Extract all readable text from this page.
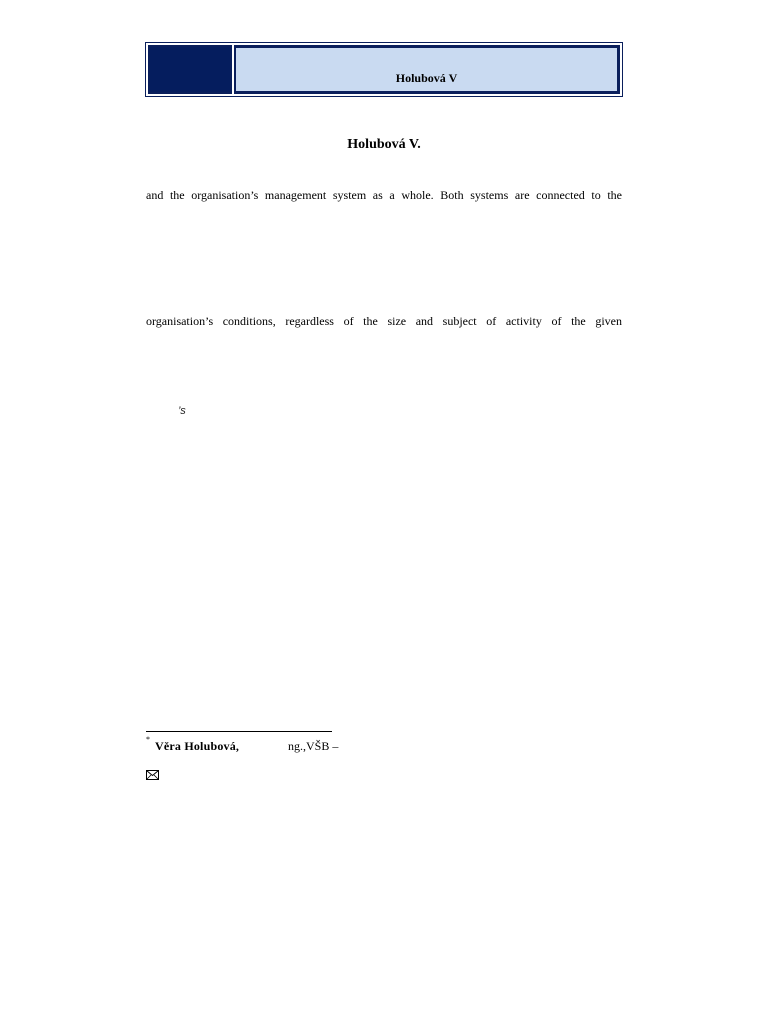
Holubová V
Holubová V.
and the organisation’s management system as a whole. Both systems are connected to the
organisation’s conditions, regardless of the size and subject of activity of the given
’s
* Věra Holubová,	ng.,VŠB –
